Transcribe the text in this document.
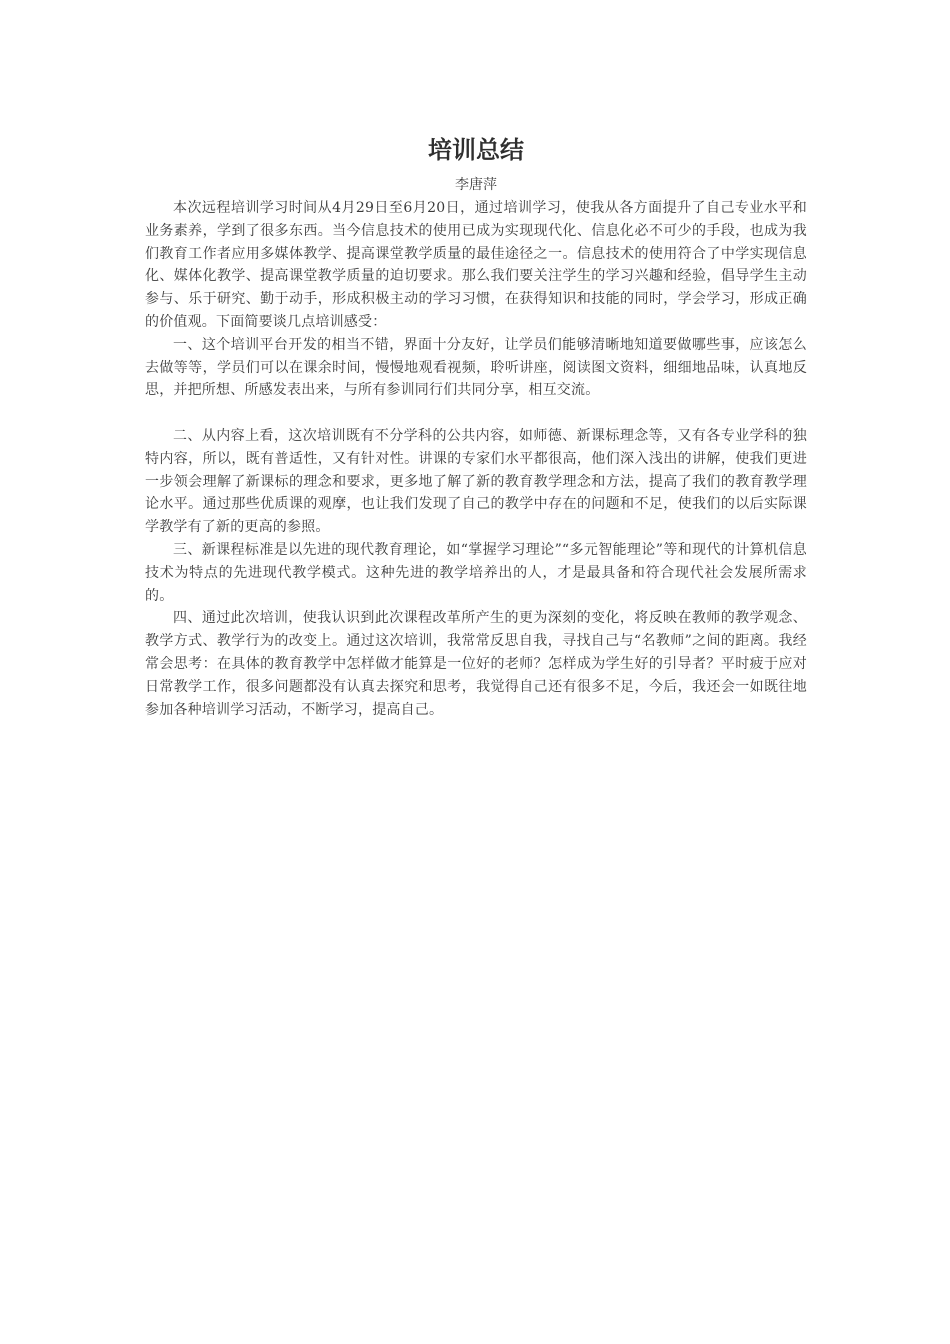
培训总结

李唐萍

本次远程培训学习时间从4月29日至6月20日，通过培训学习，使我从各方面提升了自己专业水平和业务素养，学到了很多东西。当今信息技术的使用已成为实现现代化、信息化必不可少的手段，也成为我们教育工作者应用多媒体教学、提高课堂教学质量的最佳途径之一。信息技术的使用符合了中学实现信息化、媒体化教学、提高课堂教学质量的迫切要求。那么我们要关注学生的学习兴趣和经验，倡导学生主动参与、乐于研究、勤于动手，形成积极主动的学习习惯，在获得知识和技能的同时，学会学习，形成正确的价值观。下面简要谈几点培训感受：

一、这个培训平台开发的相当不错，界面十分友好，让学员们能够清晰地知道要做哪些事，应该怎么去做等等，学员们可以在课余时间，慢慢地观看视频，聆听讲座，阅读图文资料，细细地品味，认真地反思，并把所想、所感发表出来，与所有参训同行们共同分享，相互交流。

二、从内容上看，这次培训既有不分学科的公共内容，如师德、新课标理念等，又有各专业学科的独特内容，所以，既有普适性，又有针对性。讲课的专家们水平都很高，他们深入浅出的讲解，使我们更进一步领会理解了新课标的理念和要求，更多地了解了新的教育教学理念和方法，提高了我们的教育教学理论水平。通过那些优质课的观摩，也让我们发现了自己的教学中存在的问题和不足，使我们的以后实际课学教学有了新的更高的参照。

三、新课程标准是以先进的现代教育理论，如“掌握学习理论”“多元智能理论”等和现代的计算机信息技术为特点的先进现代教学模式。这种先进的教学培养出的人，才是最具备和符合现代社会发展所需求的。

四、通过此次培训，使我认识到此次课程改革所产生的更为深刻的变化，将反映在教师的教学观念、教学方式、教学行为的改变上。通过这次培训，我常常反思自我，寻找自己与“名教师”之间的距离。我经常会思考：在具体的教育教学中怎样做才能算是一位好的老师？怎样成为学生好的引导者？平时疲于应对日常教学工作，很多问题都没有认真去探究和思考，我觉得自己还有很多不足，今后，我还会一如既往地参加各种培训学习活动，不断学习，提高自己。
